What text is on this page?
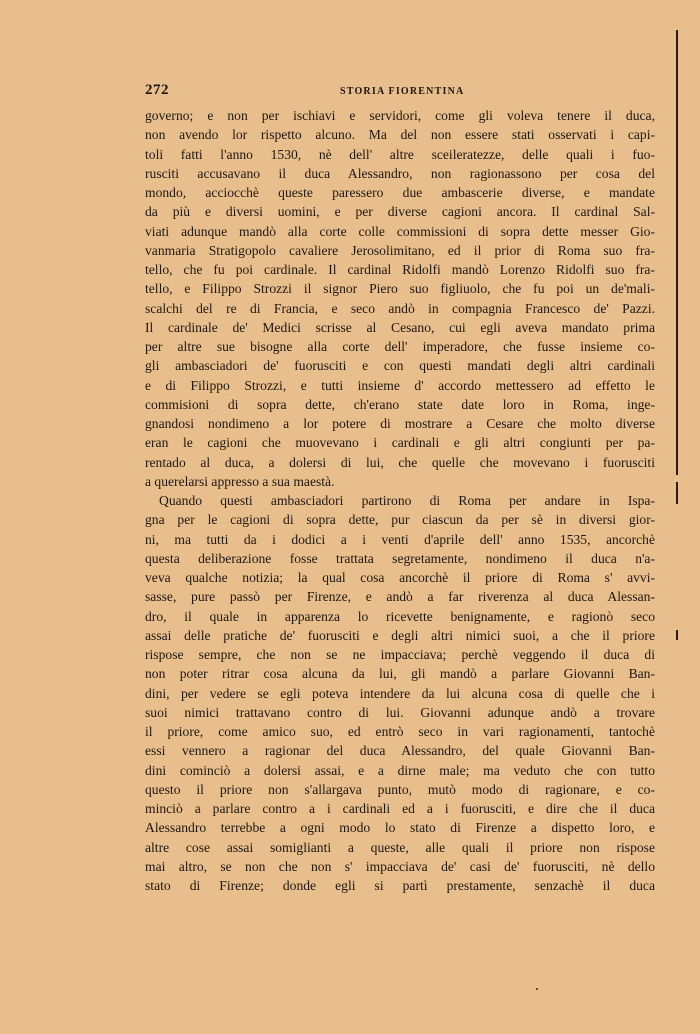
272	STORIA FIORENTINA
governo; e non per ischiavi e servidori, come gli voleva tenere il duca,
non avendo lor rispetto alcuno. Ma del non essere stati osservati i capi-
toli fatti l'anno 1530, nè dell' altre sceileratezze, delle quali i fuo-
rusciti accusavano il duca Alessandro, non ragionassono per cosa del
mondo, acciocchè queste paressero due ambascerie diverse, e mandate
da più e diversi uomini, e per diverse cagioni ancora. Il cardinal Sal-
viati adunque mandò alla corte colle commissioni di sopra dette messer Gio-
vanmaria Stratigopolo cavaliere Jerosolimitano, ed il prior di Roma suo fra-
tello, che fu poi cardinale. Il cardinal Ridolfi mandò Lorenzo Ridolfi suo fra-
tello, e Filippo Strozzi il signor Piero suo figliuolo, che fu poi un de'mali-
scalchi del re di Francia, e seco andò in compagnia Francesco de' Pazzi.
Il cardinale de' Medici scrisse al Cesano, cui egli aveva mandato prima
per altre sue bisogne alla corte dell' imperadore, che fusse insieme co-
gli ambasciadori de' fuorusciti e con questi mandati degli altri cardinali
e di Filippo Strozzi, e tutti insieme d' accordo mettessero ad effetto le
commisioni di sopra dette, ch'erano state date loro in Roma, inge-
gnandosi nondimeno a lor potere di mostrare a Cesare che molto diverse
eran le cagioni che muovevano i cardinali e gli altri congiunti per pa-
rentado al duca, a dolersi di lui, che quelle che movevano i fuorusciti
a querelarsi appresso a sua maestà.
Quando questi ambasciadori partirono di Roma per andare in Ispa-
gna per le cagioni di sopra dette, pur ciascun da per sè in diversi gior-
ni, ma tutti da i dodici a i venti d'aprile dell' anno 1535, ancorchè
questa deliberazione fosse trattata segretamente, nondimeno il duca n'a-
veva qualche notizia; la qual cosa ancorchè il priore di Roma s' avvi-
sasse, pure passò per Firenze, e andò a far riverenza al duca Alessan-
dro, il quale in apparenza lo ricevette benignamente, e ragionò seco
assai delle pratiche de' fuorusciti e degli altri nimici suoi, a che il priore
rispose sempre, che non se ne impacciava; perchè veggendo il duca di
non poter ritrar cosa alcuna da lui, gli mandò a parlare Giovanni Ban-
dini, per vedere se egli poteva intendere da lui alcuna cosa di quelle che i
suoi nimici trattavano contro di lui. Giovanni adunque andò a trovare
il priore, come amico suo, ed entrò seco in vari ragionamenti, tantochè
essi vennero a ragionar del duca Alessandro, del quale Giovanni Ban-
dini cominciò a dolersi assai, e a dirne male; ma veduto che con tutto
questo il priore non s'allargava punto, mutò modo di ragionare, e co-
minciò a parlare contro a i cardinali ed a i fuorusciti, e dire che il duca
Alessandro terrebbe a ogni modo lo stato di Firenze a dispetto loro, e
altre cose assai somiglianti a queste, alle quali il priore non rispose
mai altro, se non che non s' impacciava de' casi de' fuorusciti, nè dello
stato di Firenze; donde egli si partì prestamente, senzachè il duca
